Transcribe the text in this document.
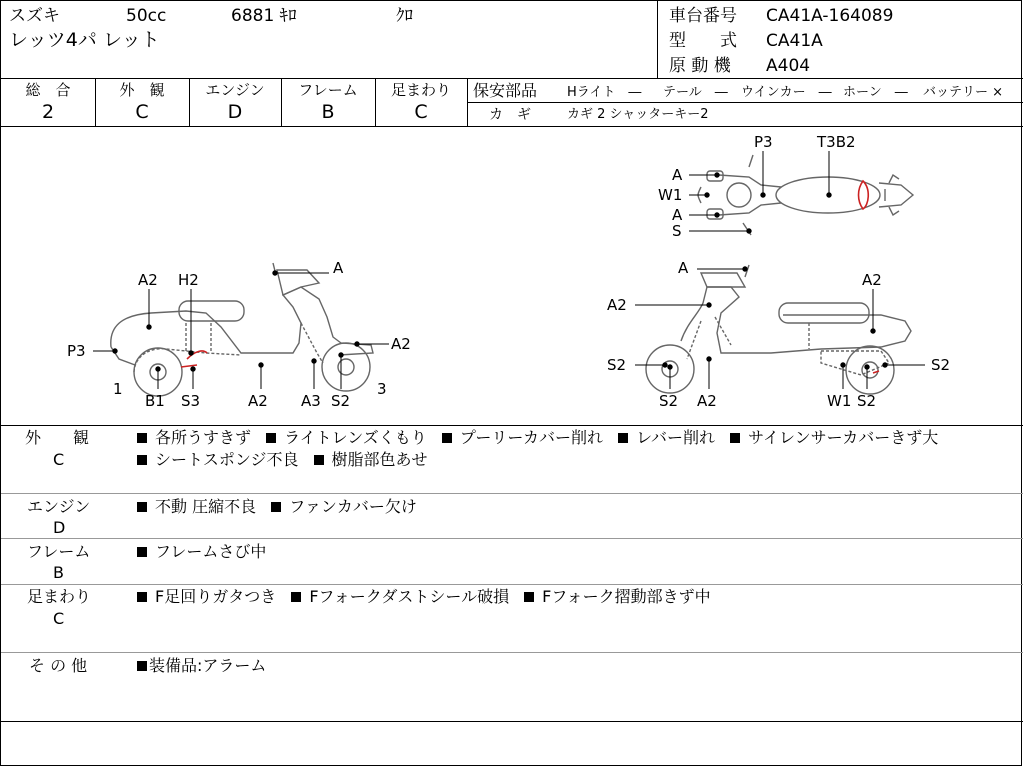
スズキ	50cc	6881 ｷﾛ	ｸﾛ
レッツ4パ レット
車台番号 CA41A-164089
型　　式 CA41A
原 動 機 A404
総　合
2
外　観
C
エンジン
D
フレーム
B
足まわり
C
保安部品 Hライト　― テール　― ウインカー　― ホーン　― バッテリー ×
カ　ギ	カギ 2 シャッターキー2
A2 H2
A
A2
P3
1	3
B1 S3	A2 A3 S2
P3	T3B2
A
W1
A
S
A
A2
A2
S2	S2
S2 A2	W1 S2
外　　観
C
各所うすきず ライトレンズくもり プーリーカバー削れ レバー削れ サイレンサーカバーきず大
シートスポンジ不良 樹脂部色あせ
エンジン
D
不動 圧縮不良 ファンカバー欠け
フレーム
B
フレームさび中
足まわり
C
F足回りガタつき Fフォークダストシール破損 Fフォーク摺動部きず中
そ の 他	装備品:アラーム
